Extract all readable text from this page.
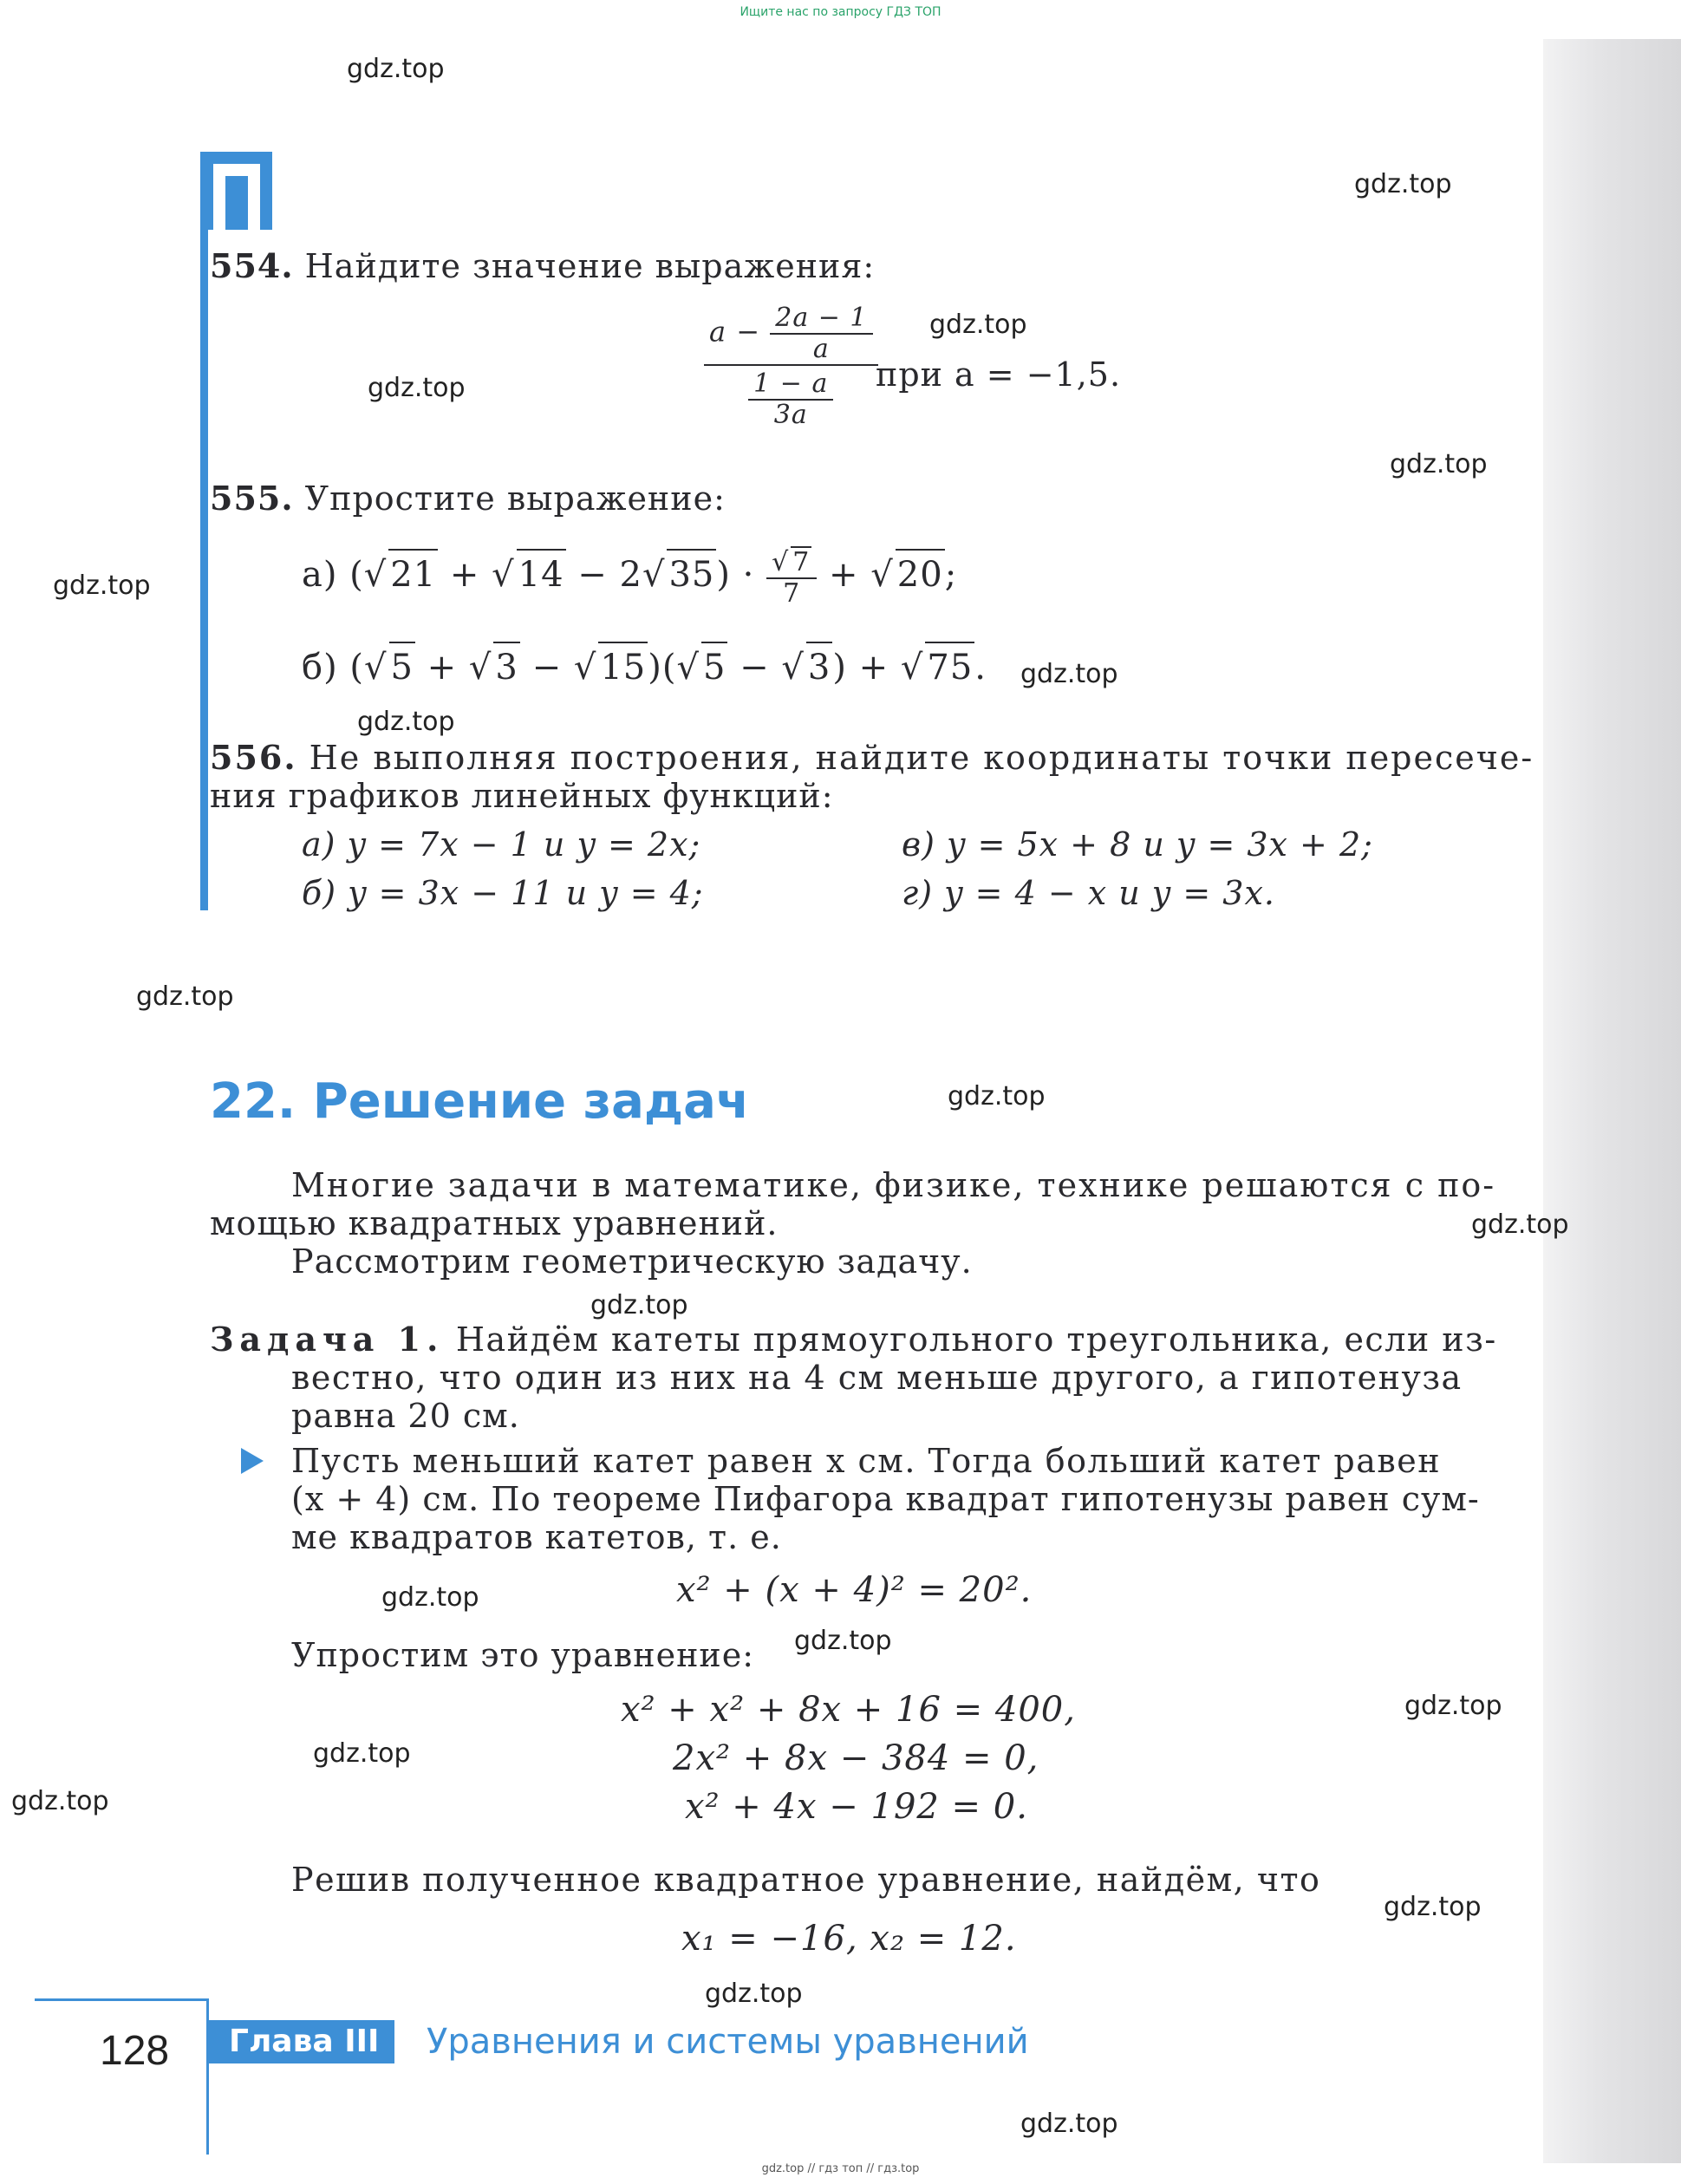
Ищите нас по запросу ГДЗ ТОП
gdz.top
gdz.top
gdz.top
gdz.top
gdz.top
gdz.top
gdz.top
gdz.top
gdz.top
gdz.top
gdz.top
gdz.top
gdz.top
gdz.top
gdz.top
gdz.top
gdz.top
gdz.top
gdz.top
gdz.top
554. Найдите значение выражения:
$\frac{a - \frac{2a - 1}{a}}{\frac{1 - a}{3a}}$
при a = −1,5.
555. Упростите выражение:
а) (√ 21 + √ 14 − 2√ $35) \cdot \frac{√ 7}{7}$ + √ 20;
б) (√ 5 + √ 3 − √ 15)(√ 5 − √ 3) + √ 75.
556. Не выполняя построения, найдите координаты точки пересече-
ния графиков линейных функций:
а) y = 7x − 1 и y = 2x;
б) y = 3x − 11 и y = 4;
в) y = 5x + 8 и y = 3x + 2;
г) y = 4 − x и y = 3x.
22. Решение задач
Многие задачи в математике, физике, технике решаются с по-
мощью квадратных уравнений.
Рассмотрим геометрическую задачу.
Задача 1. Найдём катеты прямоугольного треугольника, если из-
вестно, что один из них на 4 см меньше другого, а гипотенуза
равна 20 см.
Пусть меньший катет равен x см. Тогда больший катет равен
(x + 4) см. По теореме Пифагора квадрат гипотенузы равен сум-
ме квадратов катетов, т. е.
x² + (x + 4)² = 20².
Упростим это уравнение:
x² + x² + 8x + 16 = 400,
2x² + 8x − 384 = 0,
x² + 4x − 192 = 0.
Решив полученное квадратное уравнение, найдём, что
x₁ = −16, x₂ = 12.
128	Глава III	Уравнения и системы уравнений
gdz.top // гдз топ // гдз.top
